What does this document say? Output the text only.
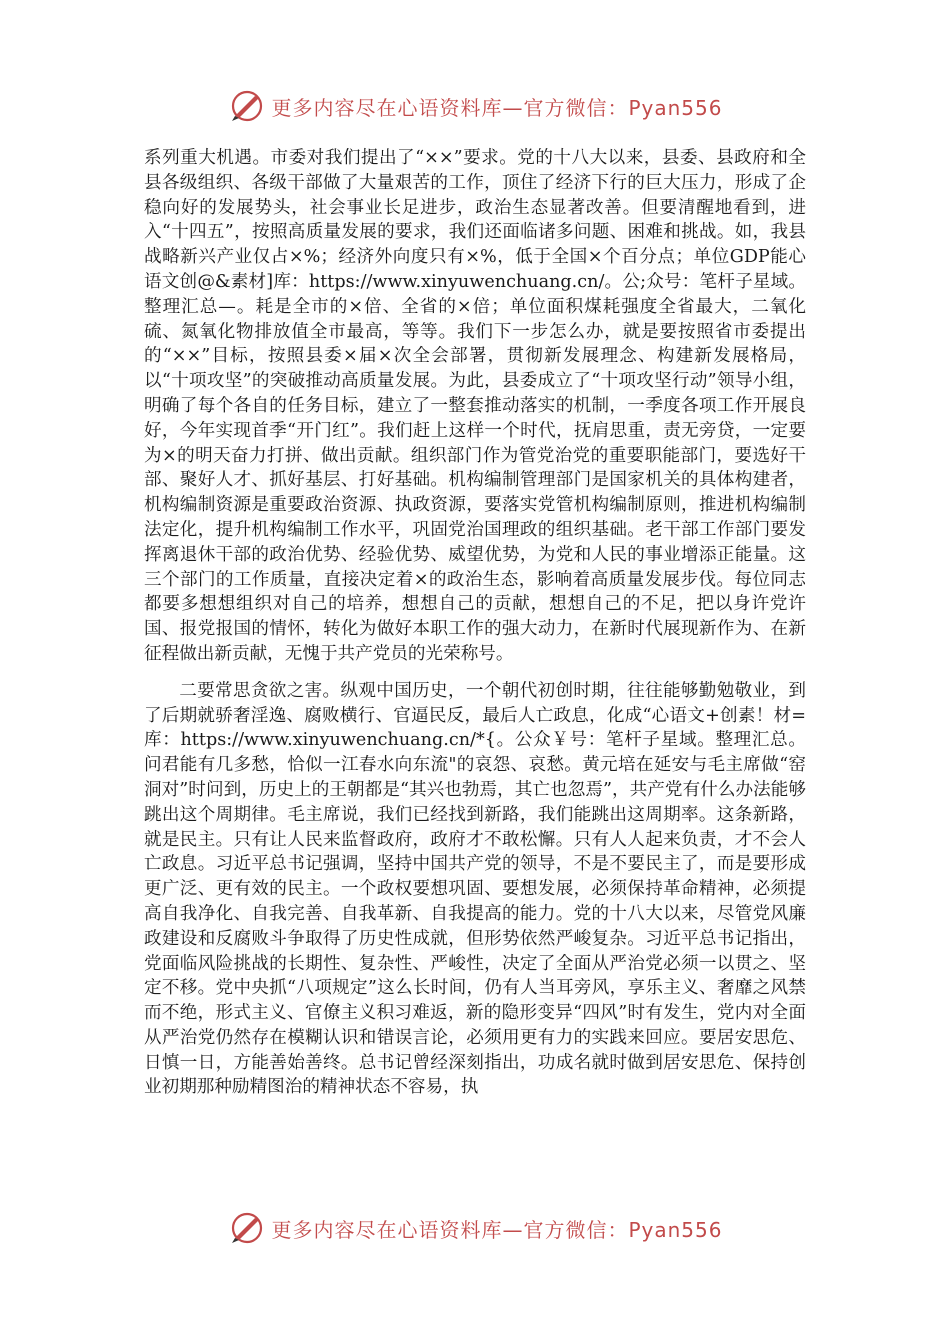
更多内容尽在心语资料库—官方微信：Pyan556

系列重大机遇。市委对我们提出了“××”要求。党的十八大以来，县委、县政府和全县各级组织、各级干部做了大量艰苦的工作，顶住了经济下行的巨大压力，形成了企稳向好的发展势头，社会事业长足进步，政治生态显著改善。但要清醒地看到，进入“十四五”，按照高质量发展的要求，我们还面临诸多问题、困难和挑战。如，我县战略新兴产业仅占×%；经济外向度只有×%，低于全国×个百分点；单位GDP能心语文创@&素材]库：https://www.xinyuwenchuang.cn/。公;众号：笔杆子星域。整理汇总—。耗是全市的×倍、全省的×倍；单位面积煤耗强度全省最大，二氧化硫、氮氧化物排放值全市最高，等等。我们下一步怎么办，就是要按照省市委提出的“××”目标，按照县委×届×次全会部署，贯彻新发展理念、构建新发展格局，以“十项攻坚”的突破推动高质量发展。为此，县委成立了“十项攻坚行动”领导小组，明确了每个各自的任务目标，建立了一整套推动落实的机制，一季度各项工作开展良好，今年实现首季“开门红”。我们赶上这样一个时代，抚肩思重，责无旁贷，一定要为×的明天奋力打拼、做出贡献。组织部门作为管党治党的重要职能部门，要选好干部、聚好人才、抓好基层、打好基础。机构编制管理部门是国家机关的具体构建者，机构编制资源是重要政治资源、执政资源，要落实党管机构编制原则，推进机构编制法定化，提升机构编制工作水平，巩固党治国理政的组织基础。老干部工作部门要发挥离退休干部的政治优势、经验优势、威望优势，为党和人民的事业增添正能量。这三个部门的工作质量，直接决定着×的政治生态，影响着高质量发展步伐。每位同志都要多想想组织对自己的培养，想想自己的贡献，想想自己的不足，把以身许党许国、报党报国的情怀，转化为做好本职工作的强大动力，在新时代展现新作为、在新征程做出新贡献，无愧于共产党员的光荣称号。

二要常思贪欲之害。纵观中国历史，一个朝代初创时期，往往能够勤勉敬业，到了后期就骄奢淫逸、腐败横行、官逼民反，最后人亡政息，化成“心语文+创素！材=库：https://www.xinyuwenchuang.cn/*{。公众￥号：笔杆子星域。整理汇总。问君能有几多愁，恰似一江春水向东流"的哀怨、哀愁。黄元培在延安与毛主席做“窑洞对”时问到，历史上的王朝都是“其兴也勃焉，其亡也忽焉”，共产党有什么办法能够跳出这个周期律。毛主席说，我们已经找到新路，我们能跳出这周期率。这条新路，就是民主。只有让人民来监督政府，政府才不敢松懈。只有人人起来负责，才不会人亡政息。习近平总书记强调，坚持中国共产党的领导，不是不要民主了，而是要形成更广泛、更有效的民主。一个政权要想巩固、要想发展，必须保持革命精神，必须提高自我净化、自我完善、自我革新、自我提高的能力。党的十八大以来，尽管党风廉政建设和反腐败斗争取得了历史性成就，但形势依然严峻复杂。习近平总书记指出，党面临风险挑战的长期性、复杂性、严峻性，决定了全面从严治党必须一以贯之、坚定不移。党中央抓“八项规定”这么长时间，仍有人当耳旁风，享乐主义、奢靡之风禁而不绝，形式主义、官僚主义积习难返，新的隐形变异“四风”时有发生，党内对全面从严治党仍然存在模糊认识和错误言论，必须用更有力的实践来回应。要居安思危、日慎一日，方能善始善终。总书记曾经深刻指出，功成名就时做到居安思危、保持创业初期那种励精图治的精神状态不容易，执

更多内容尽在心语资料库—官方微信：Pyan556
